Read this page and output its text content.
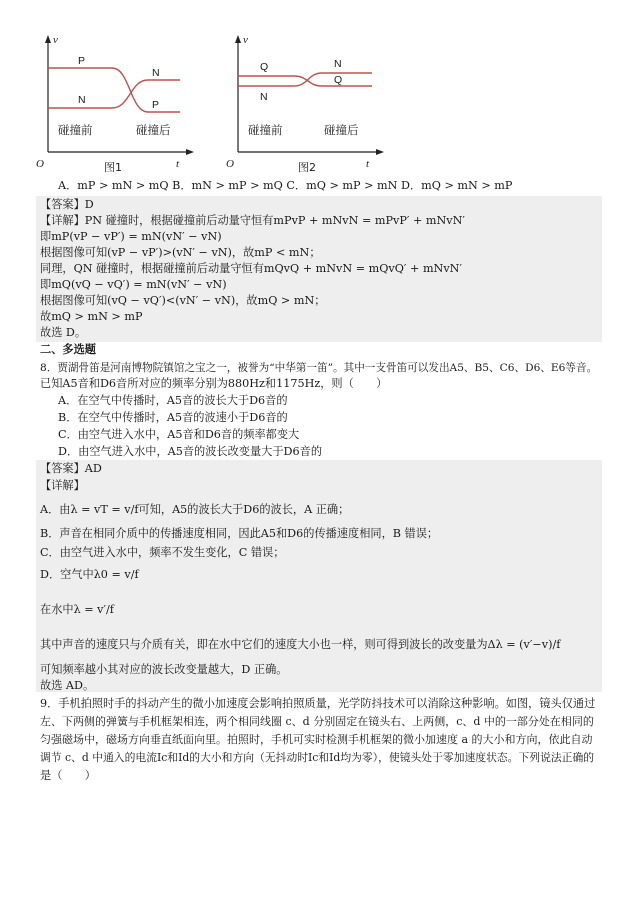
v
O	t
P
N
N
P
碰撞前	碰撞后
图1
v
O	t
Q
N
N
Q
碰撞前	碰撞后
图2
A．mP > mN > mQ B．mN > mP > mQ C．mQ > mP > mN D．mQ > mN > mP
【答案】D
【详解】PN 碰撞时，根据碰撞前后动量守恒有mPvP + mNvN = mPvP′ + mNvN′
即mP(vP − vP′) = mN(vN′ − vN)
根据图像可知(vP − vP′)>(vN′ − vN)，故mP < mN；
同理，QN 碰撞时，根据碰撞前后动量守恒有mQvQ + mNvN = mQvQ′ + mNvN′
即mQ(vQ − vQ′) = mN(vN′ − vN)
根据图像可知(vQ − vQ′)<(vN′ − vN)，故mQ > mN；
故mQ > mN > mP
故选 D。
二、多选题
8．贾湖骨笛是河南博物院镇馆之宝之一，被誉为“中华第一笛”。其中一支骨笛可以发出A5、B5、C6、D6、E6等音。
已知A5音和D6音所对应的频率分别为880Hz和1175Hz，则（　　）
A．在空气中传播时，A5音的波长大于D6音的
B．在空气中传播时，A5音的波速小于D6音的
C．由空气进入水中，A5音和D6音的频率都变大
D．由空气进入水中，A5音的波长改变量大于D6音的
【答案】AD
【详解】
A．由λ = vT = v/f可知，A5的波长大于D6的波长，A 正确；
B．声音在相同介质中的传播速度相同，因此A5和D6的传播速度相同，B 错误；
C．由空气进入水中，频率不发生变化，C 错误；
D．空气中λ0 = v/f
在水中λ = v′/f
其中声音的速度只与介质有关，即在水中它们的速度大小也一样，则可得到波长的改变量为Δλ = (v′−v)/f
可知频率越小其对应的波长改变量越大，D 正确。
故选 AD。
9．手机拍照时手的抖动产生的微小加速度会影响拍照质量，光学防抖技术可以消除这种影响。如图，镜头仅通过
左、下两侧的弹簧与手机框架相连，两个相同线圈 c、d 分别固定在镜头右、上两侧，c、d 中的一部分处在相同的
匀强磁场中，磁场方向垂直纸面向里。拍照时，手机可实时检测手机框架的微小加速度 a 的大小和方向，依此自动
调节 c、d 中通入的电流Ic和Id的大小和方向（无抖动时Ic和Id均为零），使镜头处于零加速度状态。下列说法正确的
是（　　）
